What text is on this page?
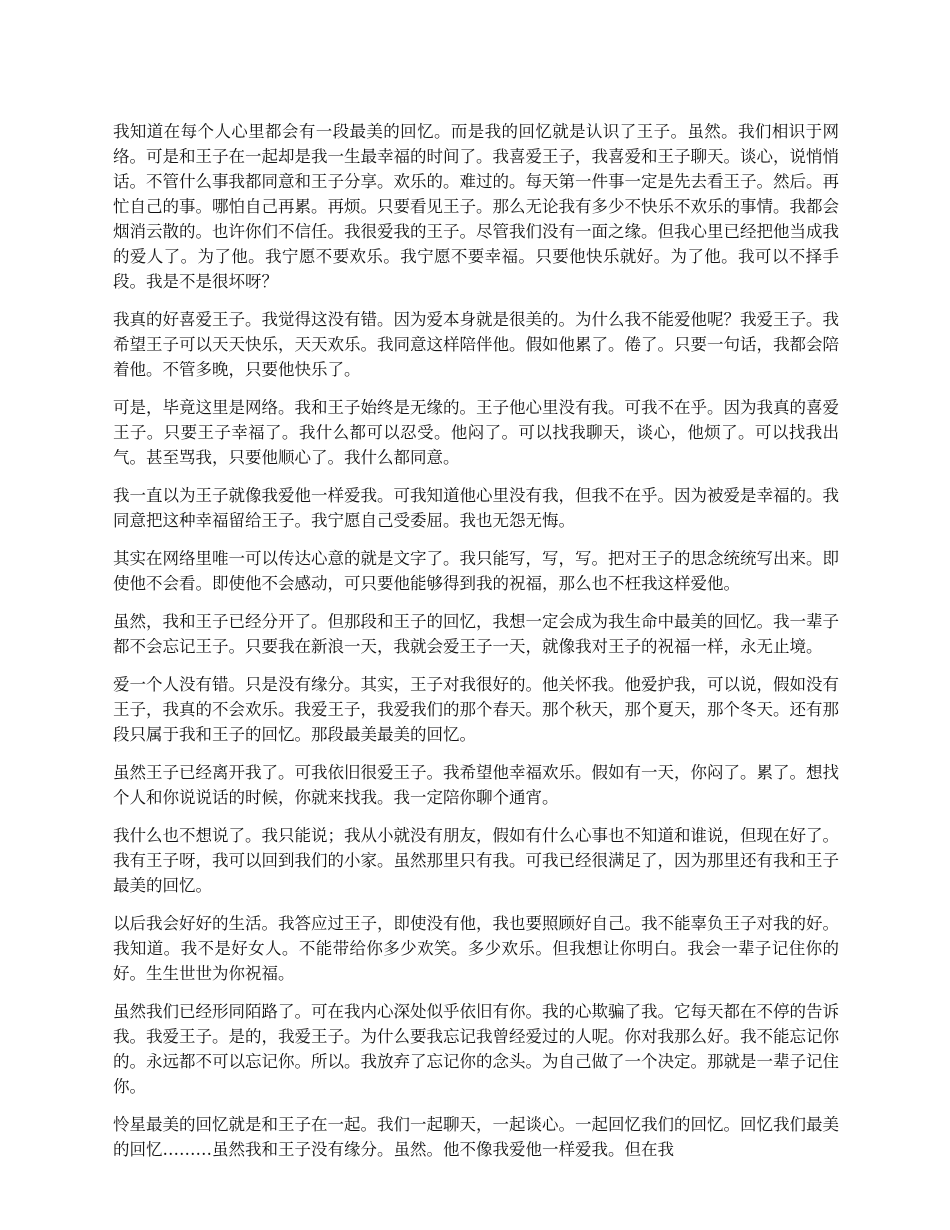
我知道在每个人心里都会有一段最美的回忆。而是我的回忆就是认识了王子。虽然。我们相识于网络。可是和王子在一起却是我一生最幸福的时间了。我喜爱王子，我喜爱和王子聊天。谈心，说悄悄话。不管什么事我都同意和王子分享。欢乐的。难过的。每天第一件事一定是先去看王子。然后。再忙自己的事。哪怕自己再累。再烦。只要看见王子。那么无论我有多少不快乐不欢乐的事情。我都会烟消云散的。也许你们不信任。我很爱我的王子。尽管我们没有一面之缘。但我心里已经把他当成我的爱人了。为了他。我宁愿不要欢乐。我宁愿不要幸福。只要他快乐就好。为了他。我可以不择手段。我是不是很坏呀？

我真的好喜爱王子。我觉得这没有错。因为爱本身就是很美的。为什么我不能爱他呢？我爱王子。我希望王子可以天天快乐，天天欢乐。我同意这样陪伴他。假如他累了。倦了。只要一句话，我都会陪着他。不管多晚，只要他快乐了。

可是，毕竟这里是网络。我和王子始终是无缘的。王子他心里没有我。可我不在乎。因为我真的喜爱王子。只要王子幸福了。我什么都可以忍受。他闷了。可以找我聊天，谈心，他烦了。可以找我出气。甚至骂我，只要他顺心了。我什么都同意。

我一直以为王子就像我爱他一样爱我。可我知道他心里没有我，但我不在乎。因为被爱是幸福的。我同意把这种幸福留给王子。我宁愿自己受委屈。我也无怨无悔。

其实在网络里唯一可以传达心意的就是文字了。我只能写，写，写。把对王子的思念统统写出来。即使他不会看。即使他不会感动，可只要他能够得到我的祝福，那么也不枉我这样爱他。

虽然，我和王子已经分开了。但那段和王子的回忆，我想一定会成为我生命中最美的回忆。我一辈子都不会忘记王子。只要我在新浪一天，我就会爱王子一天，就像我对王子的祝福一样，永无止境。

爱一个人没有错。只是没有缘分。其实，王子对我很好的。他关怀我。他爱护我，可以说，假如没有王子，我真的不会欢乐。我爱王子，我爱我们的那个春天。那个秋天，那个夏天，那个冬天。还有那段只属于我和王子的回忆。那段最美最美的回忆。

虽然王子已经离开我了。可我依旧很爱王子。我希望他幸福欢乐。假如有一天，你闷了。累了。想找个人和你说说话的时候，你就来找我。我一定陪你聊个通宵。

我什么也不想说了。我只能说；我从小就没有朋友，假如有什么心事也不知道和谁说，但现在好了。我有王子呀，我可以回到我们的小家。虽然那里只有我。可我已经很满足了，因为那里还有我和王子最美的回忆。

以后我会好好的生活。我答应过王子，即使没有他，我也要照顾好自己。我不能辜负王子对我的好。我知道。我不是好女人。不能带给你多少欢笑。多少欢乐。但我想让你明白。我会一辈子记住你的好。生生世世为你祝福。

虽然我们已经形同陌路了。可在我内心深处似乎依旧有你。我的心欺骗了我。它每天都在不停的告诉我。我爱王子。是的，我爱王子。为什么要我忘记我曾经爱过的人呢。你对我那么好。我不能忘记你的。永远都不可以忘记你。所以。我放弃了忘记你的念头。为自己做了一个决定。那就是一辈子记住你。

怜星最美的回忆就是和王子在一起。我们一起聊天，一起谈心。一起回忆我们的回忆。回忆我们最美的回忆………虽然我和王子没有缘分。虽然。他不像我爱他一样爱我。但在我
